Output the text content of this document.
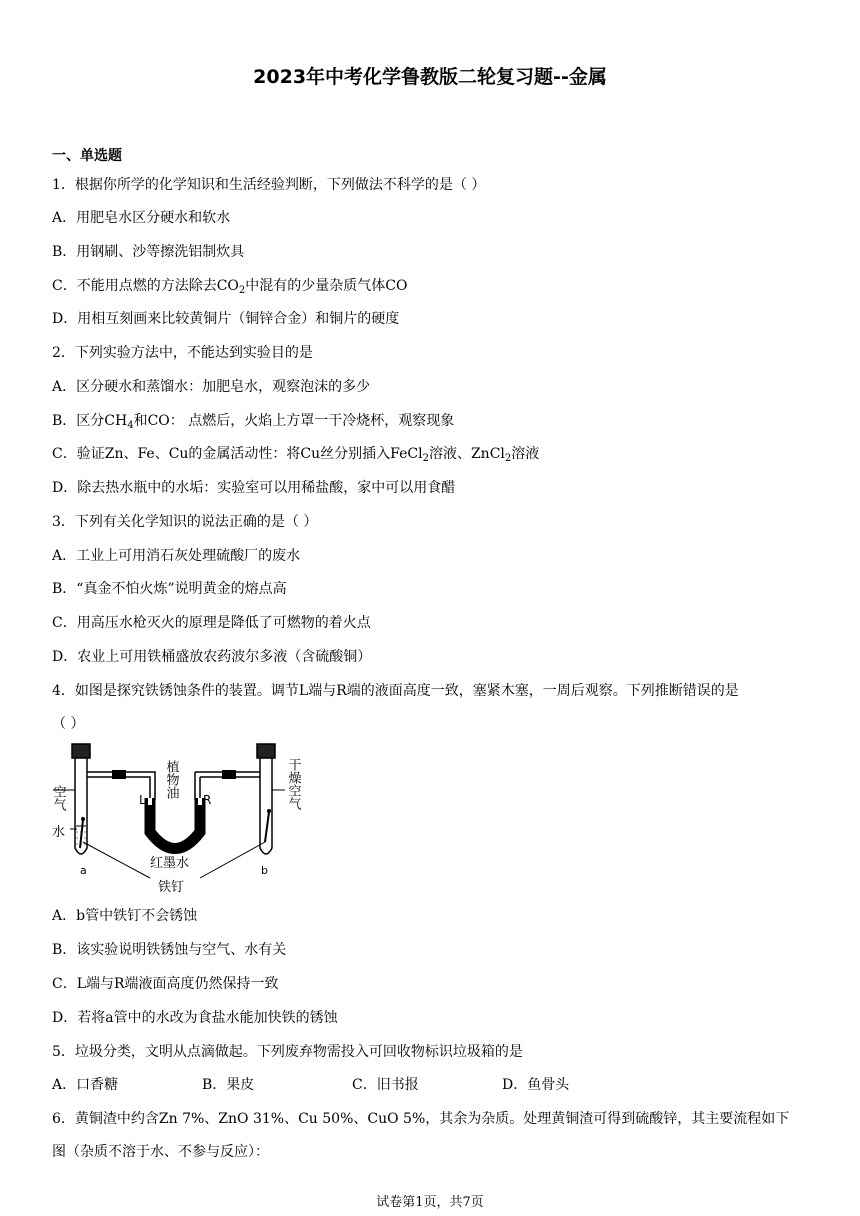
2023年中考化学鲁教版二轮复习题--金属
一、单选题
1．根据你所学的化学知识和生活经验判断，下列做法不科学的是（ ）
A．用肥皂水区分硬水和软水
B．用钢刷、沙等擦洗铝制炊具
C．不能用点燃的方法除去$CO_2$中混有的少量杂质气体CO
D．用相互刻画来比较黄铜片（铜锌合金）和铜片的硬度
2．下列实验方法中，不能达到实验目的是
A．区分硬水和蒸馏水：加肥皂水，观察泡沫的多少
B．区分$CH_4$和CO： 点燃后，火焰上方罩一干冷烧杯，观察现象
C．验证Zn、Fe、Cu的金属活动性：将Cu丝分别插入FeCl$_2$溶液、ZnCl$_2$溶液
D．除去热水瓶中的水垢：实验室可以用稀盐酸，家中可以用食醋
3．下列有关化学知识的说法正确的是（ ）
A．工业上可用消石灰处理硫酸厂的废水
B．“真金不怕火炼”说明黄金的熔点高
C．用高压水枪灭火的原理是降低了可燃物的着火点
D．农业上可用铁桶盛放农药波尔多液（含硫酸铜）
4．如图是探究铁锈蚀条件的装置。调节L端与R端的液面高度一致，塞紧木塞，一周后观察。下列推断错误的是
（ ）
空气
水
植物油
L	R	干燥空气
红墨水
铁钉
a	b
A．b管中铁钉不会锈蚀
B．该实验说明铁锈蚀与空气、水有关
C．L端与R端液面高度仍然保持一致
D．若将a管中的水改为食盐水能加快铁的锈蚀
5．垃圾分类，文明从点滴做起。下列废弃物需投入可回收物标识垃圾箱的是
A．口香糖	B．果皮	C．旧书报	D．鱼骨头
6．黄铜渣中约含Zn 7%、ZnO 31%、Cu 50%、CuO 5%，其余为杂质。处理黄铜渣可得到硫酸锌，其主要流程如下
图（杂质不溶于水、不参与反应）：
试卷第1页，共7页
